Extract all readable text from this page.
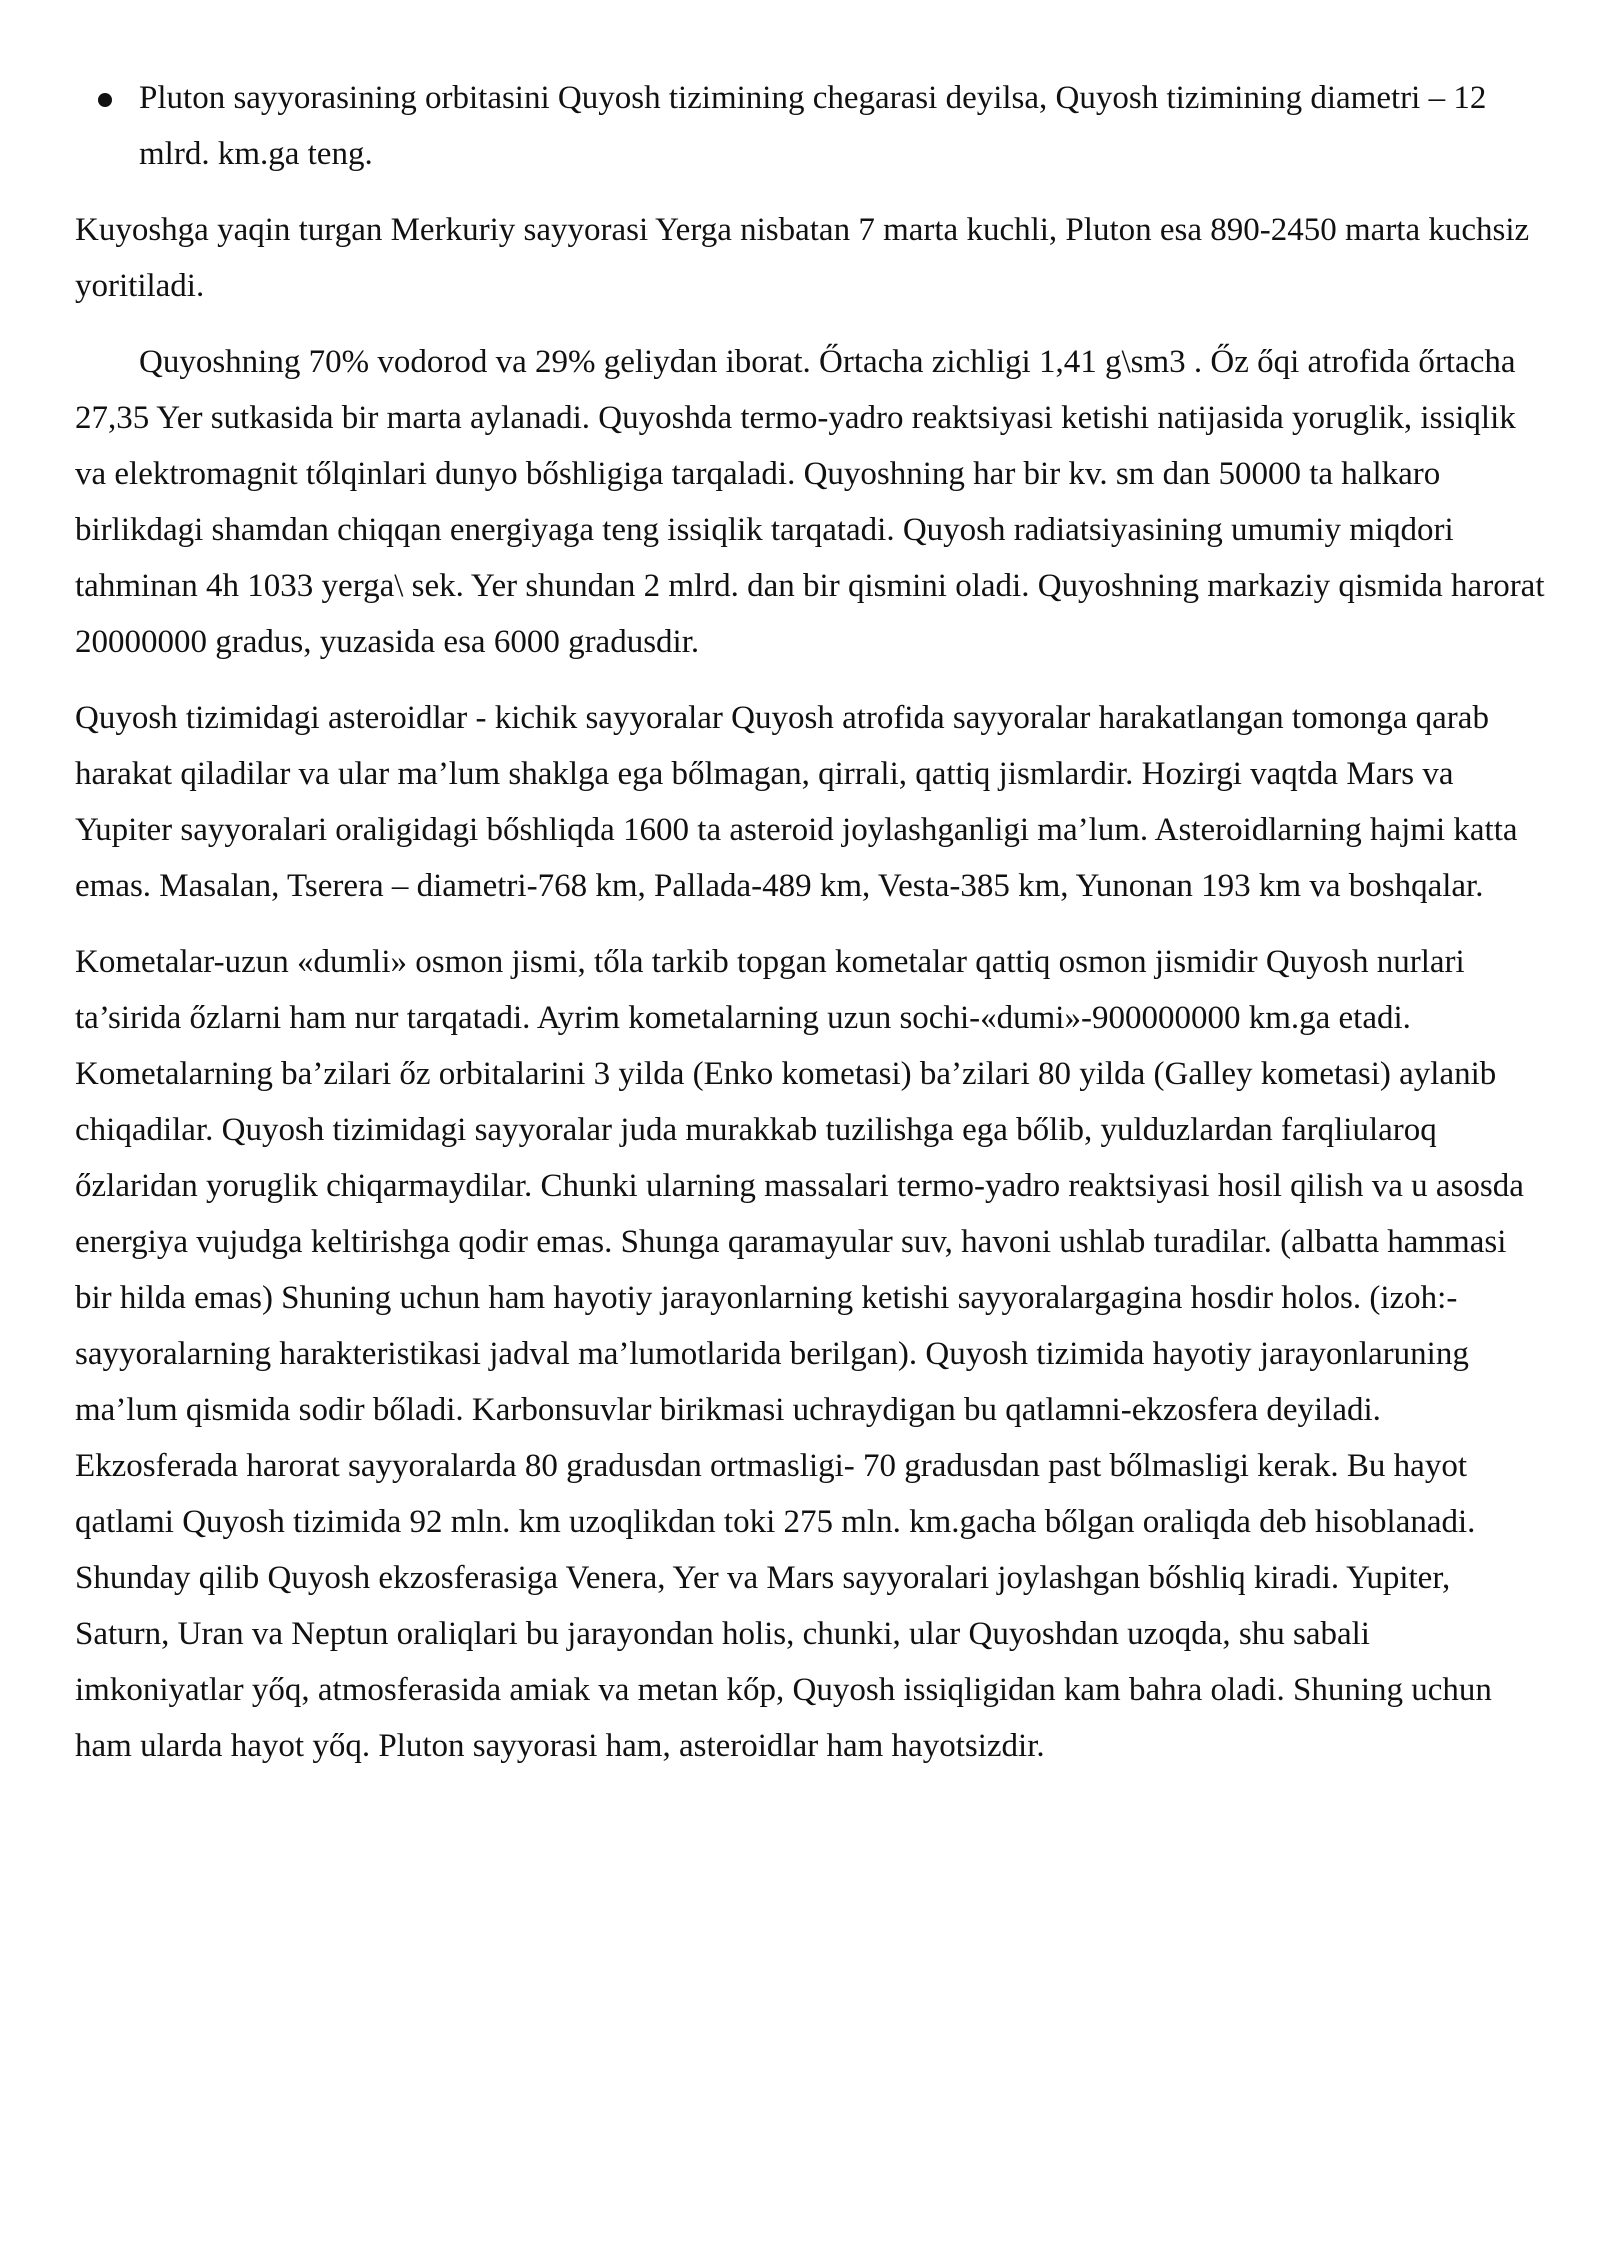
Pluton sayyorasining orbitasini Quyosh tizimining chegarasi deyilsa, Quyosh tizimining diametri – 12 mlrd. km.ga teng.

Kuyoshga yaqin turgan Merkuriy sayyorasi Yerga nisbatan 7 marta kuchli, Pluton esa 890-2450 marta kuchsiz yoritiladi.

Quyoshning 70% vodorod va 29% geliydan iborat. Őrtacha zichligi 1,41 g\sm3 . Őz őqi atrofida őrtacha 27,35 Yer sutkasida bir marta aylanadi. Quyoshda termo-yadro reaktsiyasi ketishi natijasida yoruglik, issiqlik va elektromagnit tőlqinlari dunyo bőshligiga tarqaladi. Quyoshning har bir kv. sm dan 50000 ta halkaro birlikdagi shamdan chiqqan energiyaga teng issiqlik tarqatadi. Quyosh radiatsiyasining umumiy miqdori tahminan 4h 1033 yerga\ sek. Yer shundan 2 mlrd. dan bir qismini oladi. Quyoshning markaziy qismida harorat 20000000 gradus, yuzasida esa 6000 gradusdir.

Quyosh tizimidagi asteroidlar - kichik sayyoralar Quyosh atrofida sayyoralar harakatlangan tomonga qarab harakat qiladilar va ular ma’lum shaklga ega bőlmagan, qirrali, qattiq jismlardir. Hozirgi vaqtda Mars va Yupiter sayyoralari oraligidagi bőshliqda 1600 ta asteroid joylashganligi ma’lum. Asteroidlarning hajmi katta emas. Masalan, Tserera – diametri-768 km, Pallada-489 km, Vesta-385 km, Yunonan 193 km va boshqalar.

Kometalar-uzun «dumli» osmon jismi, tőla tarkib topgan kometalar qattiq osmon jismidir Quyosh nurlari ta’sirida őzlarni ham nur tarqatadi. Ayrim kometalarning uzun sochi-«dumi»-900000000 km.ga etadi. Kometalarning ba’zilari őz orbitalarini 3 yilda (Enko kometasi) ba’zilari 80 yilda (Galley kometasi) aylanib chiqadilar. Quyosh tizimidagi sayyoralar juda murakkab tuzilishga ega bőlib, yulduzlardan farqliularoq őzlaridan yoruglik chiqarmaydilar. Chunki ularning massalari termo-yadro reaktsiyasi hosil qilish va u asosda energiya vujudga keltirishga qodir emas. Shunga qaramayular suv, havoni ushlab turadilar. (albatta hammasi bir hilda emas) Shuning uchun ham hayotiy jarayonlarning ketishi sayyoralargagina hosdir holos. (izoh:- sayyoralarning harakteristikasi jadval ma’lumotlarida berilgan). Quyosh tizimida hayotiy jarayonlaruning ma’lum qismida sodir bőladi. Karbonsuvlar birikmasi uchraydigan bu qatlamni-ekzosfera deyiladi. Ekzosferada harorat sayyoralarda 80 gradusdan ortmasligi- 70 gradusdan past bőlmasligi kerak. Bu hayot qatlami Quyosh tizimida 92 mln. km uzoqlikdan toki 275 mln. km.gacha bőlgan oraliqda deb hisoblanadi. Shunday qilib Quyosh ekzosferasiga Venera, Yer va Mars sayyoralari joylashgan bőshliq kiradi. Yupiter, Saturn, Uran va Neptun oraliqlari bu jarayondan holis, chunki, ular Quyoshdan uzoqda, shu sabali imkoniyatlar yőq, atmosferasida amiak va metan kőp, Quyosh issiqligidan kam bahra oladi. Shuning uchun ham ularda hayot yőq. Pluton sayyorasi ham, asteroidlar ham hayotsizdir.
